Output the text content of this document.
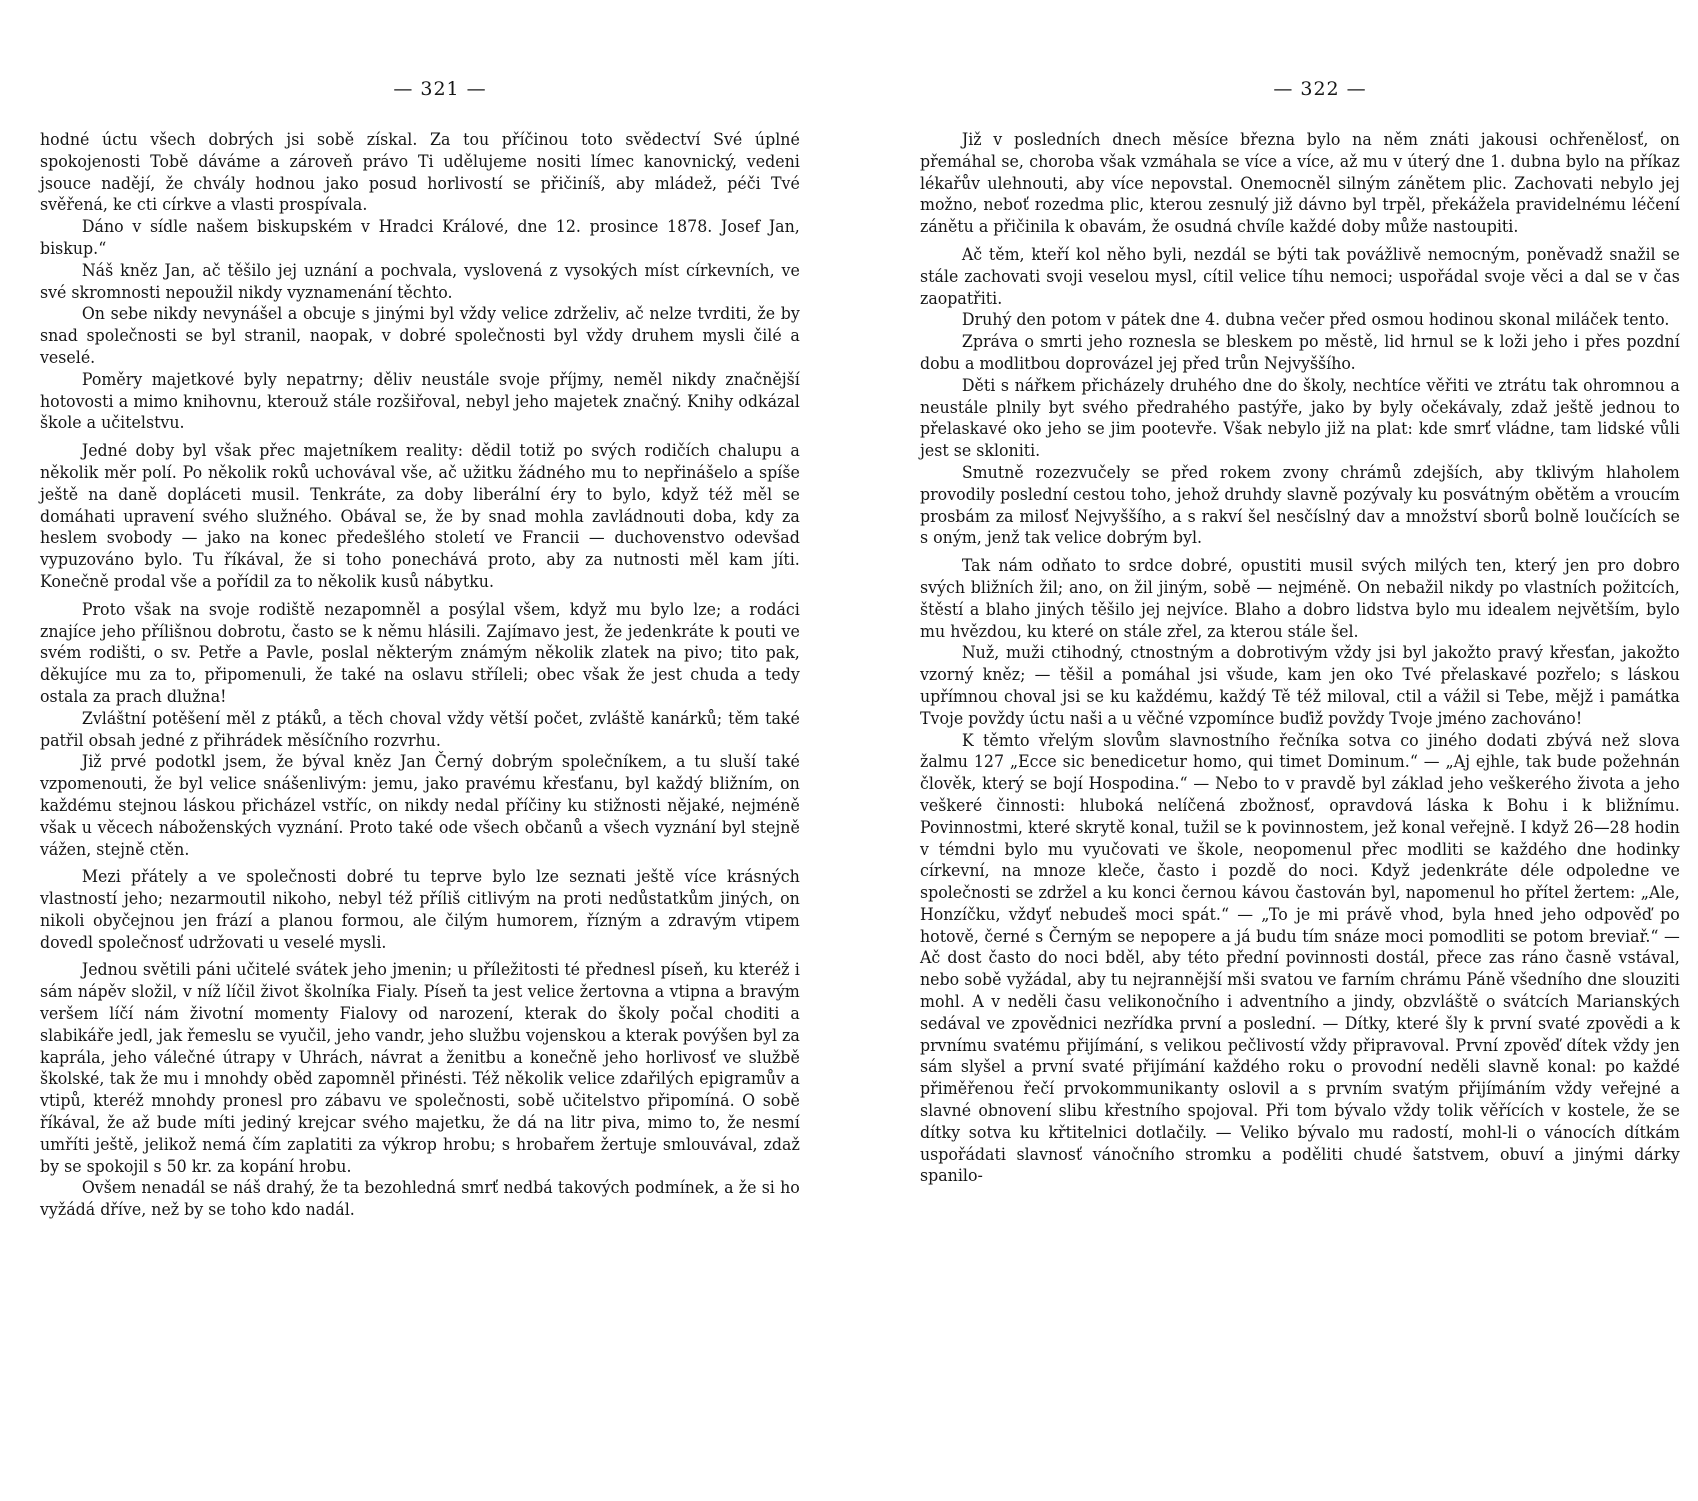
— 321 —

hodné úctu všech dobrých jsi sobě získal. Za tou příčinou toto svědectví Své úplné spokojenosti Tobě dáváme a zároveň právo Ti udělujeme nositi límec kanovnický, vedeni jsouce nadějí, že chvály hodnou jako posud horlivostí se přičiníš, aby mládež, péči Tvé svěřená, ke cti církve a vlasti prospívala.

Dáno v sídle našem biskupském v Hradci Králové, dne 12. prosince 1878. Josef Jan, biskup.“

Náš kněz Jan, ač těšilo jej uznání a pochvala, vyslovená z vysokých míst církevních, ve své skromnosti nepoužil nikdy vyznamenání těchto.

On sebe nikdy nevynášel a obcuje s jinými byl vždy velice zdrželiv, ač nelze tvrditi, že by snad společnosti se byl stranil, naopak, v dobré společnosti byl vždy druhem mysli čilé a veselé.

Poměry majetkové byly nepatrny; děliv neustále svoje příjmy, neměl nikdy značnější hotovosti a mimo knihovnu, kterouž stále rozšiřoval, nebyl jeho majetek značný. Knihy odkázal škole a učitelstvu.

Jedné doby byl však přec majetníkem reality: dědil totiž po svých rodičích chalupu a několik měr polí. Po několik roků uchovával vše, ač užitku žádného mu to nepřinášelo a spíše ještě na daně dopláceti musil. Tenkráte, za doby liberální éry to bylo, když též měl se domáhati upravení svého služného. Obával se, že by snad mohla zavládnouti doba, kdy za heslem svobody — jako na konec předešlého století ve Francii — duchovenstvo odevšad vypuzováno bylo. Tu říkával, že si toho ponechává proto, aby za nutnosti měl kam jíti. Konečně prodal vše a pořídil za to několik kusů nábytku.

Proto však na svoje rodiště nezapomněl a posýlal všem, když mu bylo lze; a rodáci znajíce jeho přílišnou dobrotu, často se k němu hlásili. Zajímavo jest, že jedenkráte k pouti ve svém rodišti, o sv. Petře a Pavle, poslal některým známým několik zlatek na pivo; tito pak, děkujíce mu za to, připomenuli, že také na oslavu stříleli; obec však že jest chuda a tedy ostala za prach dlužna!

Zvláštní potěšení měl z ptáků, a těch choval vždy větší počet, zvláště kanárků; těm také patřil obsah jedné z přihrádek měsíčního rozvrhu.

Již prvé podotkl jsem, že býval kněz Jan Černý dobrým společníkem, a tu sluší také vzpomenouti, že byl velice snášenlivým: jemu, jako pravému křesťanu, byl každý bližním, on každému stejnou láskou přicházel vstříc, on nikdy nedal příčiny ku stižnosti nějaké, nejméně však u věcech náboženských vyznání. Proto také ode všech občanů a všech vyznání byl stejně vážen, stejně ctěn.

Mezi přátely a ve společnosti dobré tu teprve bylo lze seznati ještě více krásných vlastností jeho; nezarmoutil nikoho, nebyl též příliš citlivým na proti nedůstatkům jiných, on nikoli obyčejnou jen frází a planou formou, ale čilým humorem, řízným a zdravým vtipem dovedl společnosť udržovati u veselé mysli.

Jednou světili páni učitelé svátek jeho jmenin; u příležitosti té přednesl píseň, ku kteréž i sám nápěv složil, v níž líčil život školníka Fialy. Píseň ta jest velice žertovna a vtipna a bravým veršem líčí nám životní momenty Fialovy od narození, kterak do školy počal choditi a slabikáře jedl, jak řemeslu se vyučil, jeho vandr, jeho službu vojenskou a kterak povýšen byl za kaprála, jeho válečné útrapy v Uhrách, návrat a ženitbu a konečně jeho horlivosť ve službě školské, tak že mu i mnohdy oběd zapomněl přinésti. Též několik velice zdařilých epigramův a vtipů, kteréž mnohdy pronesl pro zábavu ve společnosti, sobě učitelstvo připomíná. O sobě říkával, že až bude míti jediný krejcar svého majetku, že dá na litr piva, mimo to, že nesmí umříti ještě, jelikož nemá čím zaplatiti za výkrop hrobu; s hrobařem žertuje smlouvával, zdaž by se spokojil s 50 kr. za kopání hrobu.

Ovšem nenadál se náš drahý, že ta bezohledná smrť nedbá takových podmínek, a že si ho vyžádá dříve, než by se toho kdo nadál.

— 322 —

Již v posledních dnech měsíce března bylo na něm znáti jakousi ochřenělosť, on přemáhal se, choroba však vzmáhala se více a více, až mu v úterý dne 1. dubna bylo na příkaz lékařův ulehnouti, aby více nepovstal. Onemocněl silným zánětem plic. Zachovati nebylo jej možno, neboť rozedma plic, kterou zesnulý již dávno byl trpěl, překážela pravidelnému léčení zánětu a přičinila k obavám, že osudná chvíle každé doby může nastoupiti.

Ač těm, kteří kol něho byli, nezdál se býti tak povážlivě nemocným, poněvadž snažil se stále zachovati svoji veselou mysl, cítil velice tíhu nemoci; uspořádal svoje věci a dal se v čas zaopatřiti.

Druhý den potom v pátek dne 4. dubna večer před osmou hodinou skonal miláček tento.

Zpráva o smrti jeho roznesla se bleskem po městě, lid hrnul se k loži jeho i přes pozdní dobu a modlitbou doprovázel jej před trůn Nejvyššího.

Děti s nářkem přicházely druhého dne do školy, nechtíce věřiti ve ztrátu tak ohromnou a neustále plnily byt svého předrahého pastýře, jako by byly očekávaly, zdaž ještě jednou to přelaskavé oko jeho se jim pootevře. Však nebylo již na plat: kde smrť vládne, tam lidské vůli jest se skloniti.

Smutně rozezvučely se před rokem zvony chrámů zdejších, aby tklivým hlaholem provodily poslední cestou toho, jehož druhdy slavně pozývaly ku posvátným obětěm a vroucím prosbám za milosť Nejvyššího, a s rakví šel nesčíslný dav a množství sborů bolně loučících se s oným, jenž tak velice dobrým byl.

Tak nám odňato to srdce dobré, opustiti musil svých milých ten, který jen pro dobro svých bližních žil; ano, on žil jiným, sobě — nejméně. On nebažil nikdy po vlastních požitcích, štěstí a blaho jiných těšilo jej nejvíce. Blaho a dobro lidstva bylo mu idealem největším, bylo mu hvězdou, ku které on stále zřel, za kterou stále šel.

Nuž, muži ctihodný, ctnostným a dobrotivým vždy jsi byl jakožto pravý křesťan, jakožto vzorný kněz; — těšil a pomáhal jsi všude, kam jen oko Tvé přelaskavé pozřelo; s láskou upřímnou choval jsi se ku každému, každý Tě též miloval, ctil a vážil si Tebe, mějž i památka Tvoje povždy úctu naši a u věčné vzpomínce buďiž povždy Tvoje jméno zachováno!

K těmto vřelým slovům slavnostního řečníka sotva co jiného dodati zbývá než slova žalmu 127 „Ecce sic benedicetur homo, qui timet Dominum.“ — „Aj ejhle, tak bude požehnán člověk, který se bojí Hospodina.“ — Nebo to v pravdě byl základ jeho veškerého života a jeho veškeré činnosti: hluboká nelíčená zbožnosť, opravdová láska k Bohu i k bližnímu. Povinnostmi, které skrytě konal, tužil se k povinnostem, jež konal veřejně. I když 26—28 hodin v témdni bylo mu vyučovati ve škole, neopomenul přec modliti se každého dne hodinky církevní, na mnoze kleče, často i pozdě do noci. Když jedenkráte déle odpoledne ve společnosti se zdržel a ku konci černou kávou častován byl, napomenul ho přítel žertem: „Ale, Honzíčku, vždyť nebudeš moci spát.“ — „To je mi právě vhod, byla hned jeho odpověď po hotově, černé s Černým se nepopere a já budu tím snáze moci pomodliti se potom breviař.“ — Ač dost často do noci bděl, aby této přední povinnosti dostál, přece zas ráno časně vstával, nebo sobě vyžádal, aby tu nejrannější mši svatou ve farním chrámu Páně všedního dne slouziti mohl. A v neděli času velikonočního i adventního a jindy, obzvláště o svátcích Marianských sedával ve zpovědnici nezřídka první a poslední. — Dítky, které šly k první svaté zpovědi a k prvnímu svatému přijímání, s velikou pečlivostí vždy připravoval. První zpověď dítek vždy jen sám slyšel a první svaté přijímání každého roku o provodní neděli slavně konal: po každé přiměřenou řečí prvokommunikanty oslovil a s prvním svatým přijímáním vždy veřejné a slavné obnovení slibu křestního spojoval. Při tom bývalo vždy tolik věřících v kostele, že se dítky sotva ku křtitelnici dotlačily. — Veliko bývalo mu radostí, mohl-li o vánocích dítkám uspořádati slavnosť vánočního stromku a poděliti chudé šatstvem, obuví a jinými dárky spanilo-
